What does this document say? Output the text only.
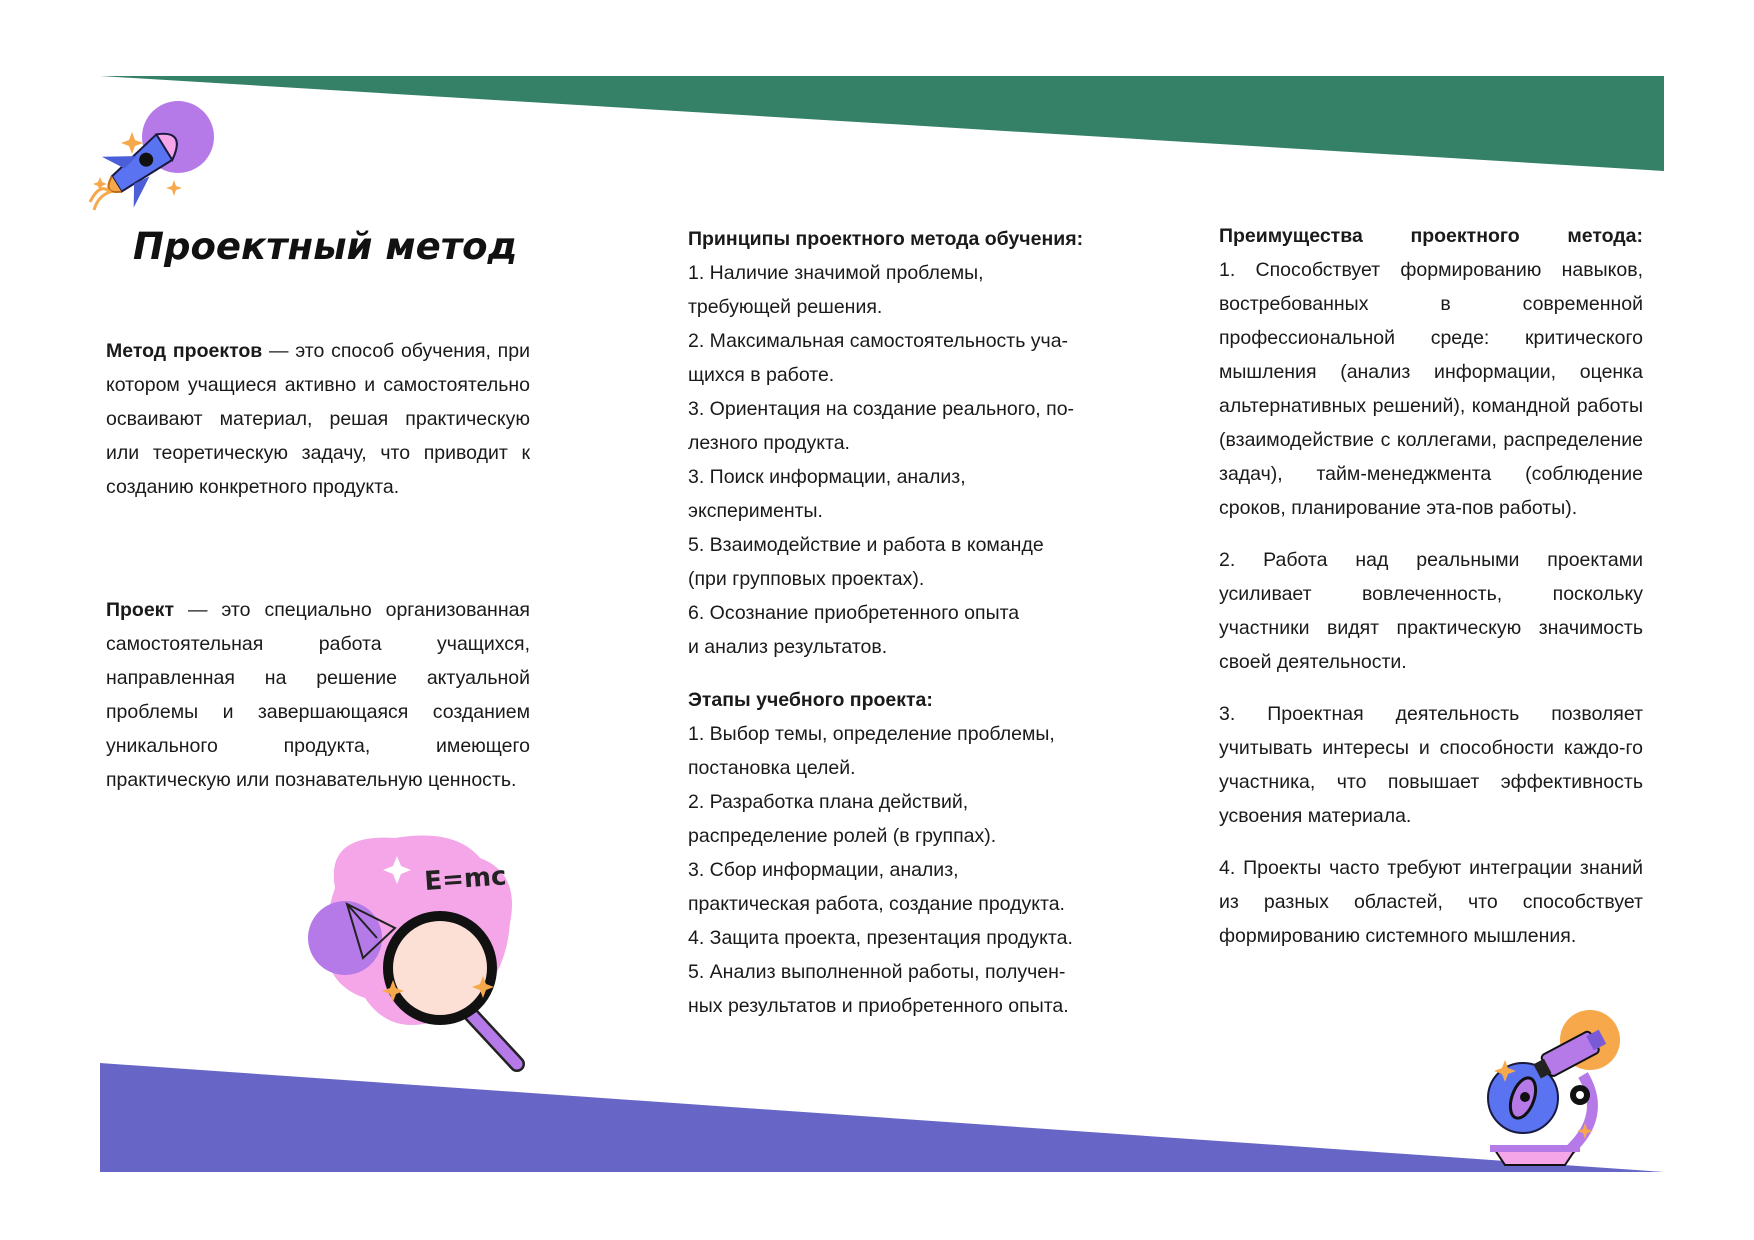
Проектный метод

Метод проектов — это способ обучения, при котором учащиеся активно и самостоятельно осваивают материал, решая практическую или теоретическую задачу, что приводит к созданию конкретного продукта.

Проект — это специально организованная самостоятельная работа учащихся, направленная на решение актуальной проблемы и завершающаяся созданием уникального продукта, имеющего практическую или познавательную ценность.

E=mc
Принципы проектного метода обучения:
1. Наличие значимой проблемы,
требующей решения.
2. Максимальная самостоятельность уча-
щихся в работе.
3. Ориентация на создание реального, по-
лезного продукта.
3. Поиск информации, анализ,
эксперименты.
5. Взаимодействие и работа в команде
(при групповых проектах).
6. Осознание приобретенного опыта
и анализ результатов.
Этапы учебного проекта:
1. Выбор темы, определение проблемы,
постановка целей.
2. Разработка плана действий,
распределение ролей (в группах).
3. Сбор информации, анализ,
практическая работа, создание продукта.
4. Защита проекта, презентация продукта.
5. Анализ выполненной работы, получен-
ных результатов и приобретенного опыта.
Преимущества проектного метода:

1. Способствует формированию навыков, востребованных в современной профессиональной среде: критического мышления (анализ информации, оценка альтернативных решений), командной работы (взаимодействие с коллегами, распределение задач), тайм-менеджмента (соблюдение сроков, планирование эта-пов работы).

2. Работа над реальными проектами усиливает вовлеченность, поскольку участники видят практическую значимость своей деятельности.

3. Проектная деятельность позволяет учитывать интересы и способности каждо-го участника, что повышает эффективность усвоения материала.

4. Проекты часто требуют интеграции знаний из разных областей, что способствует формированию системного мышления.
